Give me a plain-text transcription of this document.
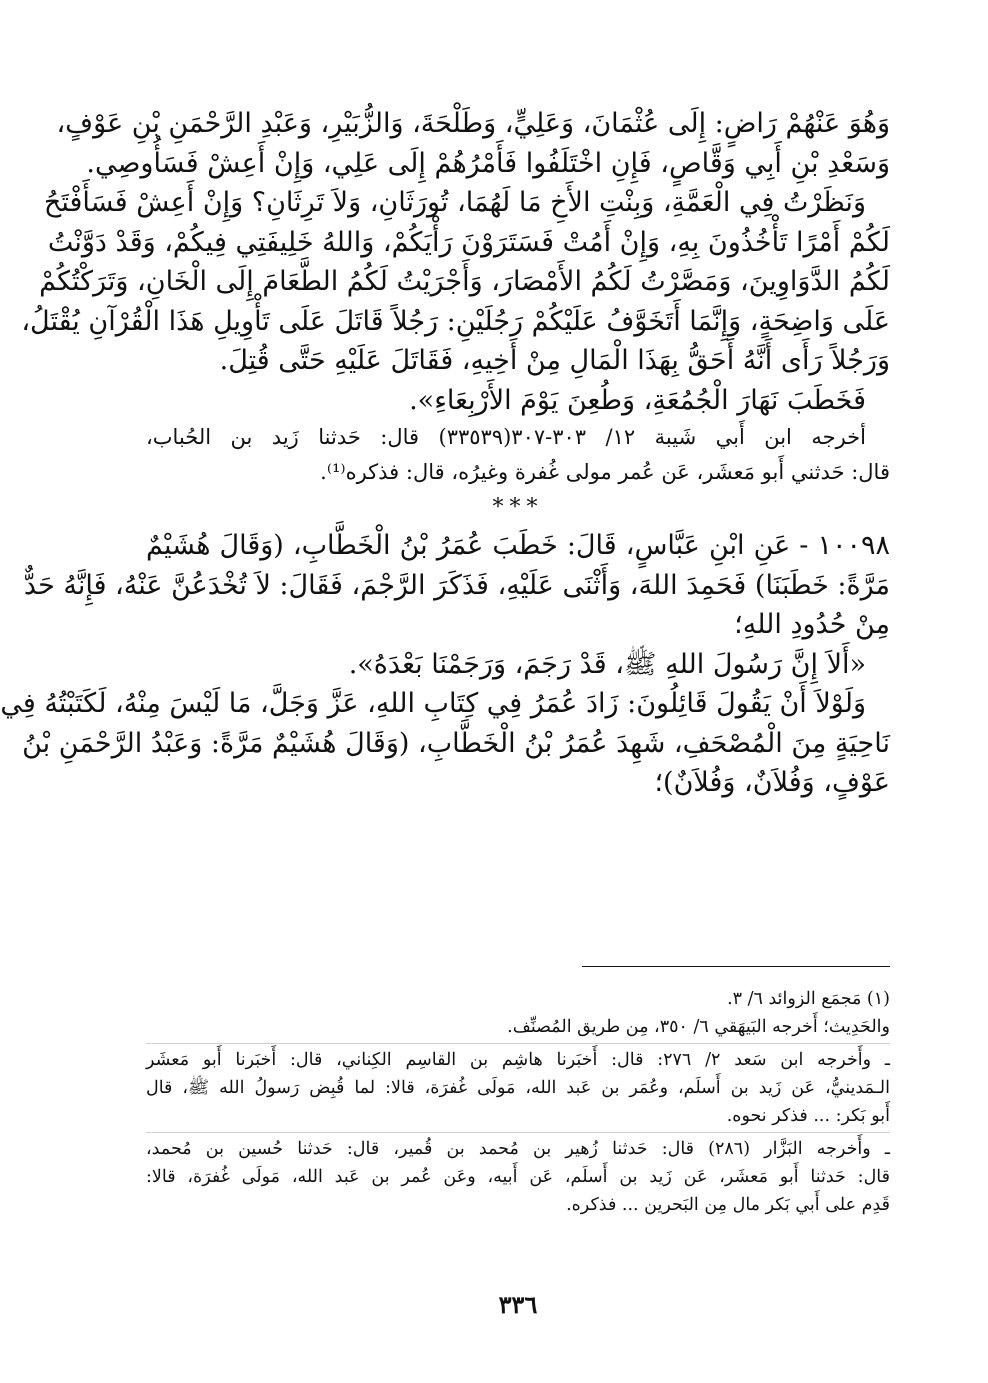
وَهُوَ عَنْهُمْ رَاضٍ: إِلَى عُثْمَانَ، وَعَلِيٍّ، وَطَلْحَةَ، وَالزُّبَيْرِ، وَعَبْدِ الرَّحْمَنِ بْنِ عَوْفٍ،
وَسَعْدِ بْنِ أَبِي وَقَّاصٍ، فَإِنِ اخْتَلَفُوا فَأَمْرُهُمْ إِلَى عَلِي، وَإِنْ أَعِشْ فَسَأُوصِي.
وَنَظَرْتُ فِي الْعَمَّةِ، وَبِنْتِ الأَخِ مَا لَهُمَا، تُورَثَانِ، وَلاَ تَرِثَانِ؟ وَإِنْ أَعِشْ فَسَأَفْتَحُ
لَكُمْ أَمْرًا تَأْخُذُونَ بِهِ، وَإِنْ أَمُتْ فَسَتَرَوْنَ رَأْيَكُمْ، وَاللهُ خَلِيفَتِي فِيكُمْ، وَقَدْ دَوَّنْتُ
لَكُمُ الدَّوَاوِينَ، وَمَصَّرْتُ لَكُمُ الأَمْصَارَ، وَأَجْرَيْتُ لَكُمُ الطَّعَامَ إِلَى الْخَانِ، وَتَرَكْتُكُمْ
عَلَى وَاضِحَةٍ، وَإِنَّمَا أَتَخَوَّفُ عَلَيْكُمْ رَجُلَيْنِ: رَجُلاً قَاتَلَ عَلَى تَأْوِيلِ هَذَا الْقُرْآنِ يُقْتَلُ،
وَرَجُلاً رَأَى أَنَّهُ أَحَقُّ بِهَذَا الْمَالِ مِنْ أَخِيهِ، فَقَاتَلَ عَلَيْهِ حَتَّى قُتِلَ.
فَخَطَبَ نَهَارَ الْجُمُعَةِ، وَطُعِنَ يَوْمَ الأَرْبِعَاءِ».
أخرجه ابن أَبي شَيبة ١٢/ ٣٠٣-٣٠٧(٣٣٥٣٩) قال: حَدثنا زَيد بن الحُباب،
قال: حَدثني أَبو مَعشَر، عَن عُمر مولى غُفرة وغيرُه، قال: فذكره⁽¹⁾.
***
١٠٠٩٨ - عَنِ ابْنِ عَبَّاسٍ، قَالَ: خَطَبَ عُمَرُ بْنُ الْخَطَّابِ، (وَقَالَ هُشَيْمٌ
مَرَّةً: خَطَبَنَا) فَحَمِدَ اللهَ، وَأَثْنَى عَلَيْهِ، فَذَكَرَ الرَّجْمَ، فَقَالَ: لاَ تُخْدَعُنَّ عَنْهُ، فَإِنَّهُ حَدٌّ
مِنْ حُدُودِ اللهِ؛
«أَلاَ إِنَّ رَسُولَ اللهِ ﷺ، قَدْ رَجَمَ، وَرَجَمْنَا بَعْدَهُ».
وَلَوْلاَ أَنْ يَقُولَ قَائِلُونَ: زَادَ عُمَرُ فِي كِتَابِ اللهِ، عَزَّ وَجَلَّ، مَا لَيْسَ مِنْهُ، لَكَتَبْتُهُ فِي
نَاحِيَةٍ مِنَ الْمُصْحَفِ، شَهِدَ عُمَرُ بْنُ الْخَطَّابِ، (وَقَالَ هُشَيْمٌ مَرَّةً: وَعَبْدُ الرَّحْمَنِ بْنُ
عَوْفٍ، وَفُلاَنٌ، وَفُلاَنٌ)؛
(١) مَجمَع الزوائد ٦/ ٣.
والحَدِيث؛ أَخرجه البَيهَقي ٦/ ٣٥٠، مِن طريق المُصنِّف.
ـ وأَخرجه ابن سَعد ٢/ ٢٧٦: قال: أَخبَرنا هاشِم بن القاسِم الكِناني، قال: أَخبَرنا أَبو مَعشَر
الـمَدينيُّ، عَن زَيد بن أَسلَم، وعُمَر بن عَبد الله، مَولَى غُفرَة، قالا: لما قُبِض رَسولُ الله ﷺ، قال
أَبو بَكر: ... فذكر نحوه.
ـ وأَخرجه البَزَّار (٢٨٦) قال: حَدثنا زُهير بن مُحمد بن قُمير، قال: حَدثنا حُسين بن مُحمد،
قال: حَدثنا أَبو مَعشَر، عَن زَيد بن أَسلَم، عَن أَبيه، وعَن عُمر بن عَبد الله، مَولَى غُفرَة، قالا:
قَدِم على أَبي بَكر مال مِن البَحرين ... فذكره.
٣٣٦
